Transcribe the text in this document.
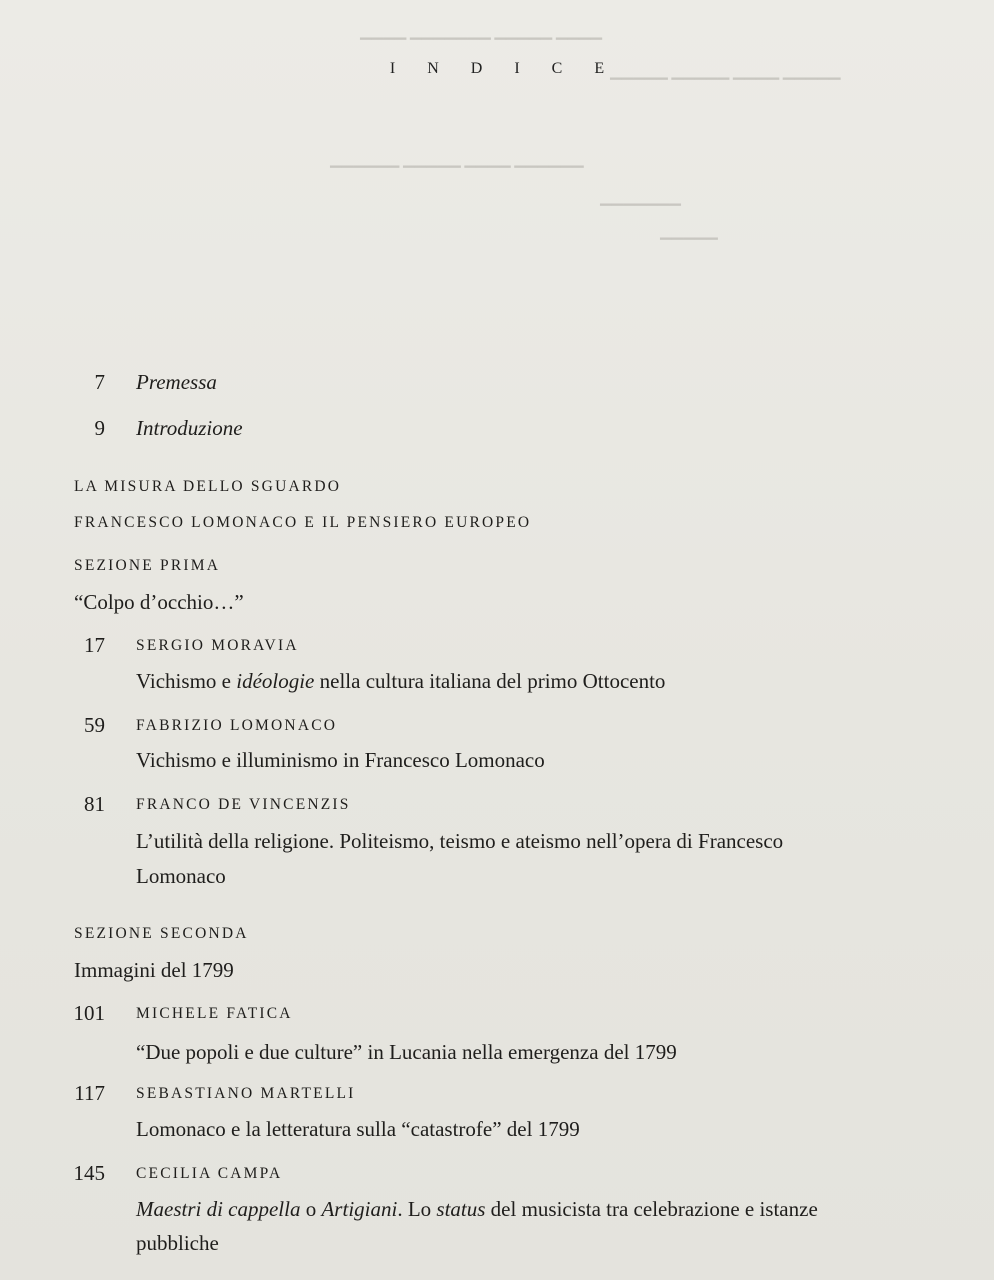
▁▁▁▁ ▁▁▁▁▁▁▁ ▁▁▁▁▁ ▁▁▁▁
▁▁▁▁▁ ▁▁▁▁▁ ▁▁▁▁ ▁▁▁▁▁
▁▁▁▁▁▁ ▁▁▁▁▁ ▁▁▁▁ ▁▁▁▁▁▁
▁▁▁▁▁▁▁
▁▁▁▁▁
I N D I C E
7 Premessa
9 Introduzione
LA MISURA DELLO SGUARDO
FRANCESCO LOMONACO E IL PENSIERO EUROPEO
SEZIONE PRIMA
“Colpo d’occhio…”
17 SERGIO MORAVIA
Vichismo e idéologie nella cultura italiana del primo Ottocento
59 FABRIZIO LOMONACO
Vichismo e illuminismo in Francesco Lomonaco
81 FRANCO DE VINCENZIS
L’utilità della religione. Politeismo, teismo e ateismo nell’opera di Francesco
Lomonaco
SEZIONE SECONDA
Immagini del 1799
101 MICHELE FATICA
“Due popoli e due culture” in Lucania nella emergenza del 1799
117 SEBASTIANO MARTELLI
Lomonaco e la letteratura sulla “catastrofe” del 1799
145 CECILIA CAMPA
Maestri di cappella o Artigiani. Lo status del musicista tra celebrazione e istanze
pubbliche
